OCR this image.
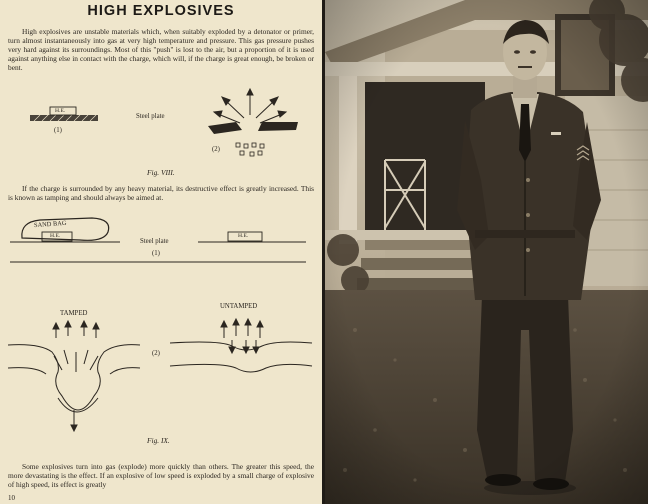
HIGH EXPLOSIVES

High explosives are unstable materials which, when suitably exploded by a detonator or primer, turn almost instantaneously into gas at very high temperature and pressure. This gas pressure pushes very hard against its surroundings. Most of this "push" is lost to the air, but a proportion of it is used against anything else in contact with the charge, which will, if the charge is great enough, be broken or bent.

H.E.
(1)
Steel plate
(2)
Fig. VIII.

If the charge is surrounded by any heavy material, its destructive effect is greatly increased. This is known as tamping and should always be aimed at.

SAND BAG
H.E.	H.E.
Steel plate
(1)
TAMPED
UNTAMPED
(2)
Fig. IX.

Some explosives turn into gas (explode) more quickly than others. The greater this speed, the more devastating is the effect. If an explosive of low speed is exploded by a small charge of explosive of high speed, its effect is greatly

10
